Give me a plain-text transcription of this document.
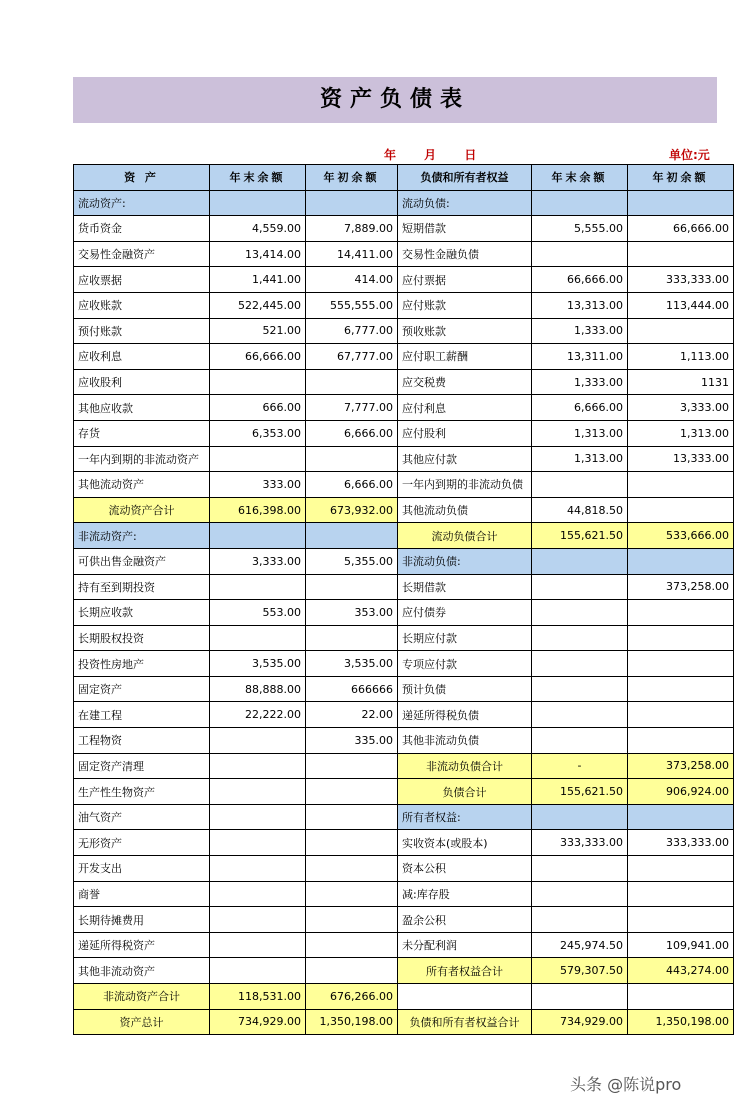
资产负债表
年 月 日	单位:元
资 产	年末余额	年初余额	负债和所有者权益	年末余额	年初余额
流动资产:			流动负债:		
货币资金	4,559.00	7,889.00	短期借款	5,555.00	66,666.00
交易性金融资产	13,414.00	14,411.00	交易性金融负债		
应收票据	1,441.00	414.00	应付票据	66,666.00	333,333.00
应收账款	522,445.00	555,555.00	应付账款	13,313.00	113,444.00
预付账款	521.00	6,777.00	预收账款	1,333.00	
应收利息	66,666.00	67,777.00	应付职工薪酬	13,311.00	1,113.00
应收股利			应交税费	1,333.00	1131
其他应收款	666.00	7,777.00	应付利息	6,666.00	3,333.00
存货	6,353.00	6,666.00	应付股利	1,313.00	1,313.00
一年内到期的非流动资产			其他应付款	1,313.00	13,333.00
其他流动资产	333.00	6,666.00	一年内到期的非流动负债		
流动资产合计	616,398.00	673,932.00	其他流动负债	44,818.50	
非流动资产:			流动负债合计	155,621.50	533,666.00
可供出售金融资产	3,333.00	5,355.00	非流动负债:		
持有至到期投资			长期借款		373,258.00
长期应收款	553.00	353.00	应付债券		
长期股权投资			长期应付款		
投资性房地产	3,535.00	3,535.00	专项应付款		
固定资产	88,888.00	666666	预计负债		
在建工程	22,222.00	22.00	递延所得税负债		
工程物资		335.00	其他非流动负债		
固定资产清理			非流动负债合计	-	373,258.00
生产性生物资产			负债合计	155,621.50	906,924.00
油气资产			所有者权益:		
无形资产			实收资本(或股本)	333,333.00	333,333.00
开发支出			资本公积		
商誉			减:库存股		
长期待摊费用			盈余公积		
递延所得税资产			未分配利润	245,974.50	109,941.00
其他非流动资产			所有者权益合计	579,307.50	443,274.00
非流动资产合计	118,531.00	676,266.00			
资产总计	734,929.00	1,350,198.00	负债和所有者权益合计	734,929.00	1,350,198.00
头条 @陈说pro
